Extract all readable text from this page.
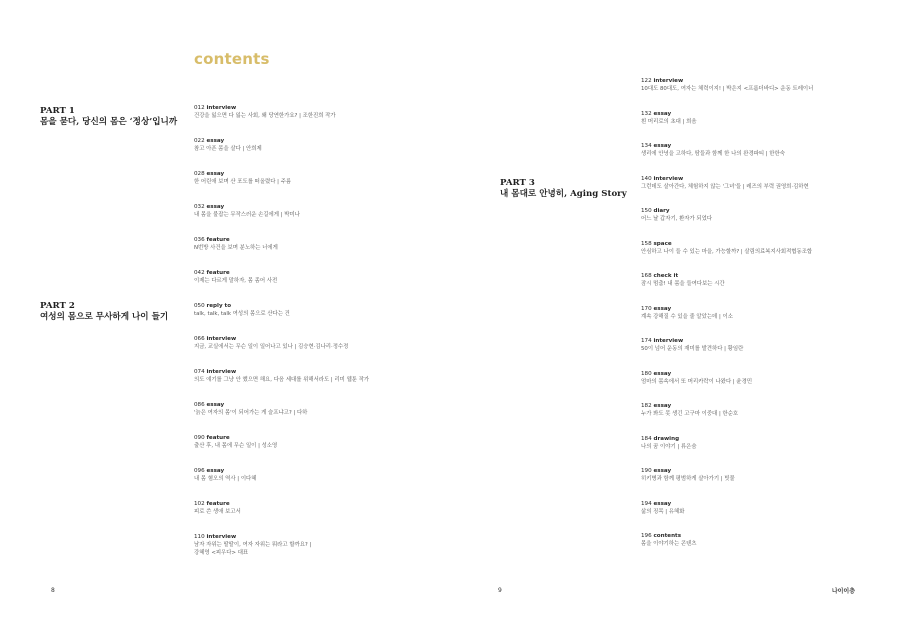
contents
PART 1
몸을 묻다, 당신의 몸은 ‘정상’입니까
PART 2
여성의 몸으로 무사하게 나이 들기
PART 3
내 몸대로 안녕히, Aging Story
012 interview
건강을 잃으면 다 잃는 사회, 왜 당연한가요? | 조한진희 작가
022 essay
참고 아픈 몸을 살다 | 안희제
028 essay
한 어린애 보며 산 포도를 떠올렸다 | 주름
032 essay
내 몸을 불잡는 무작스러운 손길에게 | 박미나
036 feature
N번방 사건을 보며 분노하는 너에게
042 feature
이제는 다르게 말하자, 몸 좀어 사전
050 reply to
talk, talk, talk 여성의 몸으로 산다는 건
066 interview
지금, 교실에서는 무슨 일이 일어나고 있나 | 김승현·김나리·정수정
074 interview
의도 얘기를 그냥 안 했으면 해요, 다음 세대를 위해서라도 | 리미 웹툰 작가
086 essay
'늙은 여자의 몸'이 되어가는 게 슬프냐고? | 다하
090 feature
출산 후, 내 몸에 무슨 일이 | 성소영
096 essay
내 몸 혐오의 역사 | 이다혜
102 feature
피로 쓴 생애 보고서
110 interview
남자 자위는 딸딸이, 여자 자위는 뭐라고 할까요? |
강혜영 <피우다> 대표
122 interview
10대도 80대도, 여자는 체력이지! | 박은지 <프롬더바디> 운동 트레이너
132 essay
흰 머리로의 초대 | 희음
134 essay
생리에 안녕을 고하다, 땀들과 함께 한 나의 완경파티 | 한한숙
140 interview
그런데도 살아간다, 체험하지 않는 '그녀'들 | 레즈의 부력 권영희·김하현
150 diary
어느 날 갑자기, 환자가 되었다
158 space
안심하고 나이 들 수 있는 마을, 가능할까? | 살림의료복지사회적협동조합
168 check it
잠시 멈춤! 내 몸을 들여다보는 시간
170 essay
계속 강해질 수 있을 줄 알았는데 | 이소
174 interview
50이 넘어 운동의 재미를 발견하다 | 황임란
180 essay
엄마의 몸속에서 또 머리카락이 나왔다 | 윤경민
182 essay
누가 봐도 못 생긴 고구마 이중대 | 한순호
184 drawing
나의 꿈 이야기 | 류은숨
190 essay
히키병과 함께 평범하게 살아가기 | 빗물
194 essay
삶의 징목 | 유혜화
196 contents
몸을 이야기하는 콘텐츠
8	9	나이이층
